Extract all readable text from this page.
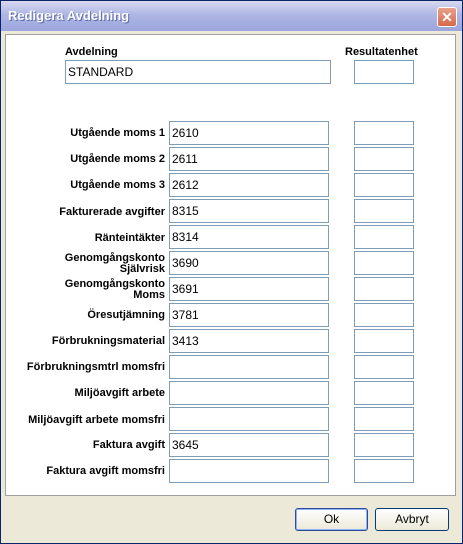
Redigera Avdelning	✕
Avdelning	Resultatenhet
STANDARD
Utgående moms 1 2610
Utgående moms 2 2611
Utgående moms 3 2612
Fakturerade avgifter 8315
Ränteintäkter 8314
Genomgångskonto
Självrisk 3690
Genomgångskonto
Moms 3691
Öresutjämning 3781
Förbrukningsmaterial 3413
Förbrukningsmtrl momsfri
Miljöavgift arbete
Miljöavgift arbete momsfri
Faktura avgift 3645
Faktura avgift momsfri
Ok	Avbryt
